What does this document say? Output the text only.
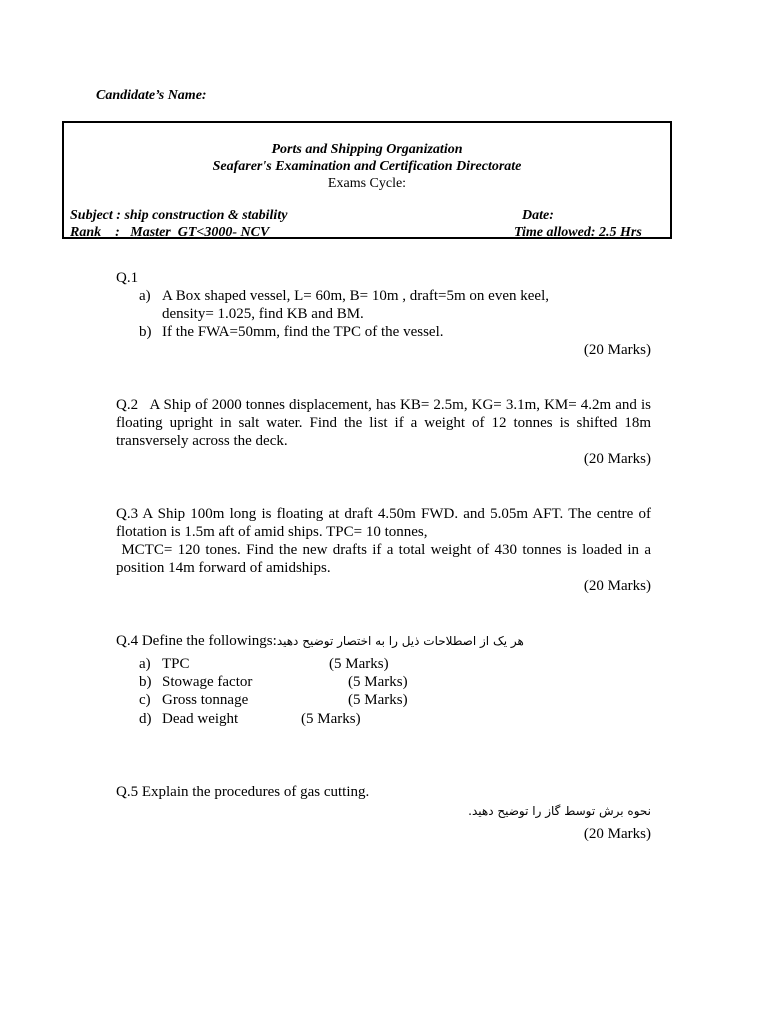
Candidate’s Name:
Ports and Shipping Organization
Seafarer's Examination and Certification Directorate
Exams Cycle:
Subject : ship construction & stability	Date:
Rank    :   Master  GT<3000- NCV	Time allowed: 2.5 Hrs
Q.1
a) A Box shaped vessel, L= 60m, B= 10m , draft=5m on even keel,
density= 1.025, find KB and BM.
b) If the FWA=50mm, find the TPC of the vessel.
(20 Marks)
Q.2   A Ship of 2000 tonnes displacement, has KB= 2.5m, KG= 3.1m, KM= 4.2m and is floating upright in salt water. Find the list if a weight of 12 tonnes is shifted 18m transversely across the deck.
(20 Marks)
Q.3 A Ship 100m long is floating at draft 4.50m FWD. and 5.05m AFT. The centre of flotation is 1.5m aft of amid ships. TPC= 10 tonnes,
MCTC= 120 tones. Find the new drafts if a total weight of 430 tonnes is loaded in a position 14m forward of amidships.
(20 Marks)
Q.4 Define the followings:هر یک از اصطلاحات ذیل را به اختصار توضیح دهید
a) TPC	(5 Marks)
b) Stowage factor	(5 Marks)
c) Gross tonnage	(5 Marks)
d) Dead weight	(5 Marks)
Q.5 Explain the procedures of gas cutting.
نحوه برش توسط گاز را توضیح دهید.
(20 Marks)
